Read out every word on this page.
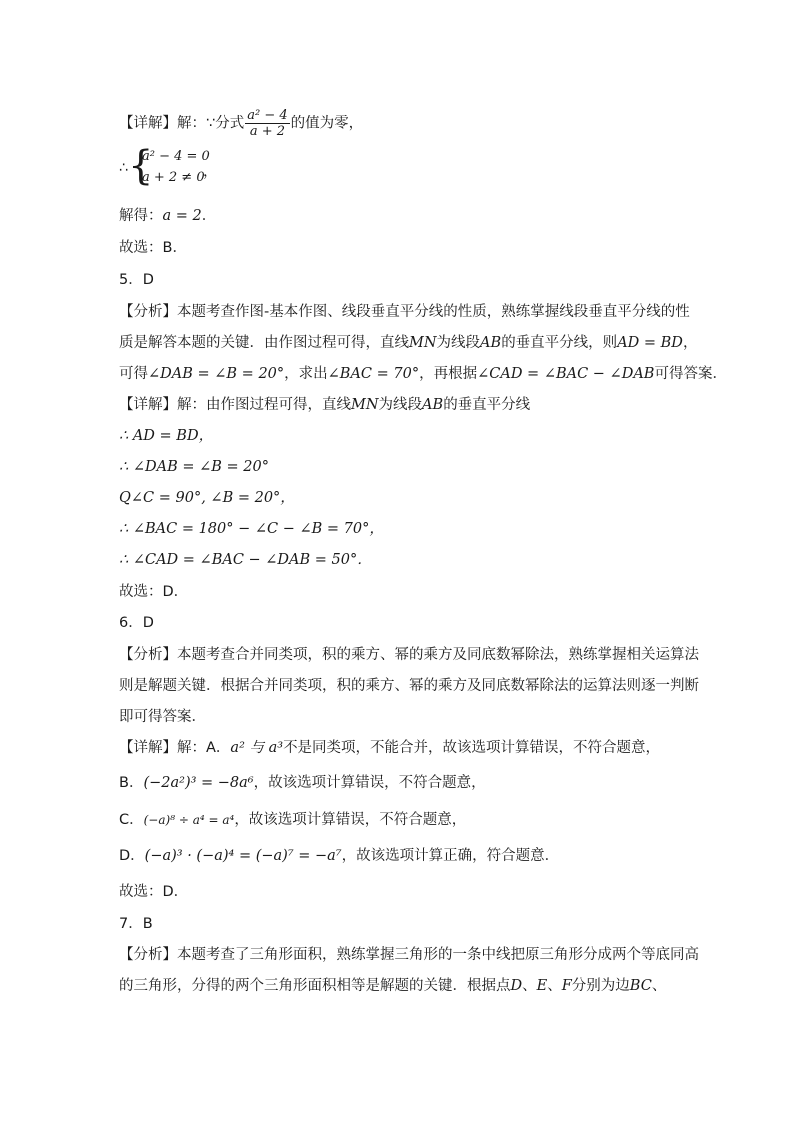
【详解】解：∵分式 $\frac{\text{a² − 4}}{a + 2}$ 的值为零，
∴ {
a² − 4 = 0
a + 2 ≠ 0
，
解得：a = 2．
故选：B．
5．D
【分析】本题考查作图-基本作图、线段垂直平分线的性质，熟练掌握线段垂直平分线的性
质是解答本题的关键．由作图过程可得，直线MN为线段AB的垂直平分线，则AD = BD，
可得∠DAB = ∠B = 20°，求出∠BAC = 70°，再根据∠CAD = ∠BAC − ∠DAB可得答案．
【详解】解：由作图过程可得，直线MN为线段AB的垂直平分线
∴ AD = BD，
∴ ∠DAB = ∠B = 20°
Q∠C = 90°, ∠B = 20°，
∴ ∠BAC = 180° − ∠C − ∠B = 70°，
∴ ∠CAD = ∠BAC − ∠DAB = 50°．
故选：D．
6．D
【分析】本题考查合并同类项，积的乘方、幂的乘方及同底数幂除法，熟练掌握相关运算法
则是解题关键．根据合并同类项，积的乘方、幂的乘方及同底数幂除法的运算法则逐一判断
即可得答案．
【详解】解：A．a² 与 a³不是同类项，不能合并，故该选项计算错误，不符合题意，
B．(−2a²)³ = −8a⁶，故该选项计算错误，不符合题意，
C．(−a)⁸ ÷ a⁴ = a⁴，故该选项计算错误，不符合题意，
D．(−a)³ · (−a)⁴ = (−a)⁷ = −a⁷，故该选项计算正确，符合题意．
故选：D．
7．B
【分析】本题考查了三角形面积，熟练掌握三角形的一条中线把原三角形分成两个等底同高
的三角形，分得的两个三角形面积相等是解题的关键．根据点D、E、F分别为边BC、
